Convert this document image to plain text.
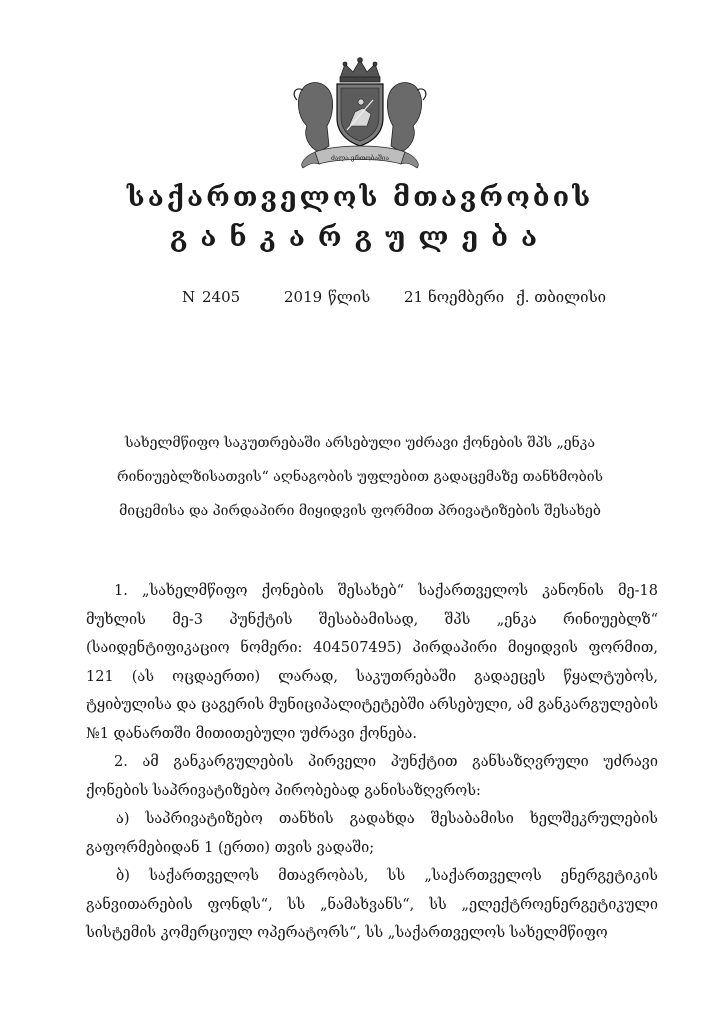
ძალა ერთობაშია
საქართველოს მთავრობის
განკარგულება
N 2405	2019 წლის 21 ნოემბერი ქ. თბილისი
სახელმწიფო საკუთრებაში არსებული უძრავი ქონების შპს „ენკა რინიუებლზისათვის“ აღნაგობის უფლებით გადაცემაზე თანხმობის მიცემისა და პირდაპირი მიყიდვის ფორმით პრივატიზების შესახებ

1. „სახელმწიფო ქონების შესახებ“ საქართველოს კანონის მე-18 მუხლის მე-3 პუნქტის შესაბამისად, შპს „ენკა რინიუებლზ“ (საიდენტიფიკაციო ნომერი: 404507495) პირდაპირი მიყიდვის ფორმით, 121 (ას ოცდაერთი) ლარად, საკუთრებაში გადაეცეს წყალტუბოს, ტყიბულისა და ცაგერის მუნიციპალიტეტებში არსებული, ამ განკარგულების №1 დანართში მითითებული უძრავი ქონება.

2. ამ განკარგულების პირველი პუნქტით განსაზღვრული უძრავი ქონების საპრივატიზებო პირობებად განისაზღვროს:

ა) საპრივატიზებო თანხის გადახდა შესაბამისი ხელშეკრულების გაფორმებიდან 1 (ერთი) თვის ვადაში;

ბ) საქართველოს მთავრობას, სს „საქართველოს ენერგეტიკის განვითარების ფონდს“, სს „ნამახვანს“, სს „ელექტროენერგეტიკული სისტემის კომერციულ ოპერატორს“, სს „საქართველოს სახელმწიფო
